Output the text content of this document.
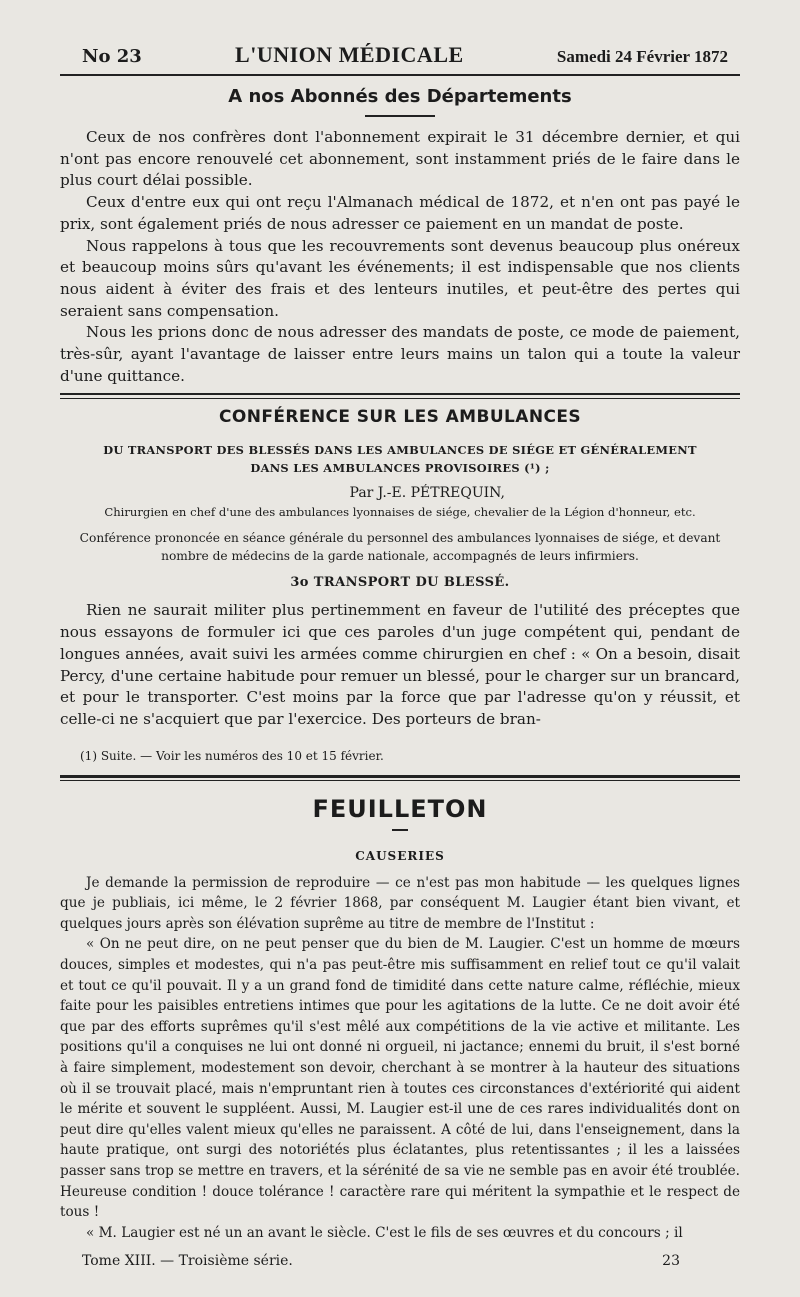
No 23	L'UNION MÉDICALE	Samedi 24 Février 1872
A nos Abonnés des Départements

Ceux de nos confrères dont l'abonnement expirait le 31 décembre dernier, et qui n'ont pas encore renouvelé cet abonnement, sont instamment priés de le faire dans le plus court délai possible.

Ceux d'entre eux qui ont reçu l'Almanach médical de 1872, et n'en ont pas payé le prix, sont également priés de nous adresser ce paiement en un mandat de poste.

Nous rappelons à tous que les recouvrements sont devenus beaucoup plus onéreux et beaucoup moins sûrs qu'avant les événements; il est indispensable que nos clients nous aident à éviter des frais et des lenteurs inutiles, et peut-être des pertes qui seraient sans compensation.

Nous les prions donc de nous adresser des mandats de poste, ce mode de paiement, très-sûr, ayant l'avantage de laisser entre leurs mains un talon qui a toute la valeur d'une quittance.

CONFÉRENCE SUR LES AMBULANCES
DU TRANSPORT DES BLESSÉS DANS LES AMBULANCES DE SIÉGE ET GÉNÉRALEMENT
DANS LES AMBULANCES PROVISOIRES (¹) ;
Par J.-E. PÉTREQUIN,
Chirurgien en chef d'une des ambulances lyonnaises de siége, chevalier de la Légion d'honneur, etc.
Conférence prononcée en séance générale du personnel des ambulances lyonnaises de siége, et devant nombre de médecins de la garde nationale, accompagnés de leurs infirmiers.
3o TRANSPORT DU BLESSÉ.

Rien ne saurait militer plus pertinemment en faveur de l'utilité des préceptes que nous essayons de formuler ici que ces paroles d'un juge compétent qui, pendant de longues années, avait suivi les armées comme chirurgien en chef : « On a besoin, disait Percy, d'une certaine habitude pour remuer un blessé, pour le charger sur un brancard, et pour le transporter. C'est moins par la force que par l'adresse qu'on y réussit, et celle-ci ne s'acquiert que par l'exercice. Des porteurs de bran-

(1) Suite. — Voir les numéros des 10 et 15 février.
FEUILLETON
CAUSERIES

Je demande la permission de reproduire — ce n'est pas mon habitude — les quelques lignes que je publiais, ici même, le 2 février 1868, par conséquent M. Laugier étant bien vivant, et quelques jours après son élévation suprême au titre de membre de l'Institut :

« On ne peut dire, on ne peut penser que du bien de M. Laugier. C'est un homme de mœurs douces, simples et modestes, qui n'a pas peut-être mis suffisamment en relief tout ce qu'il valait et tout ce qu'il pouvait. Il y a un grand fond de timidité dans cette nature calme, réfléchie, mieux faite pour les paisibles entretiens intimes que pour les agitations de la lutte. Ce ne doit avoir été que par des efforts suprêmes qu'il s'est mêlé aux compétitions de la vie active et militante. Les positions qu'il a conquises ne lui ont donné ni orgueil, ni jactance; ennemi du bruit, il s'est borné à faire simplement, modestement son devoir, cherchant à se montrer à la hauteur des situations où il se trouvait placé, mais n'empruntant rien à toutes ces circonstances d'extériorité qui aident le mérite et souvent le suppléent. Aussi, M. Laugier est-il une de ces rares individualités dont on peut dire qu'elles valent mieux qu'elles ne paraissent. A côté de lui, dans l'enseignement, dans la haute pratique, ont surgi des notoriétés plus éclatantes, plus retentissantes ; il les a laissées passer sans trop se mettre en travers, et la sérénité de sa vie ne semble pas en avoir été troublée. Heureuse condition ! douce tolérance ! caractère rare qui méritent la sympathie et le respect de tous !

« M. Laugier est né un an avant le siècle. C'est le fils de ses œuvres et du concours ; il

Tome XIII. — Troisième série.	23
